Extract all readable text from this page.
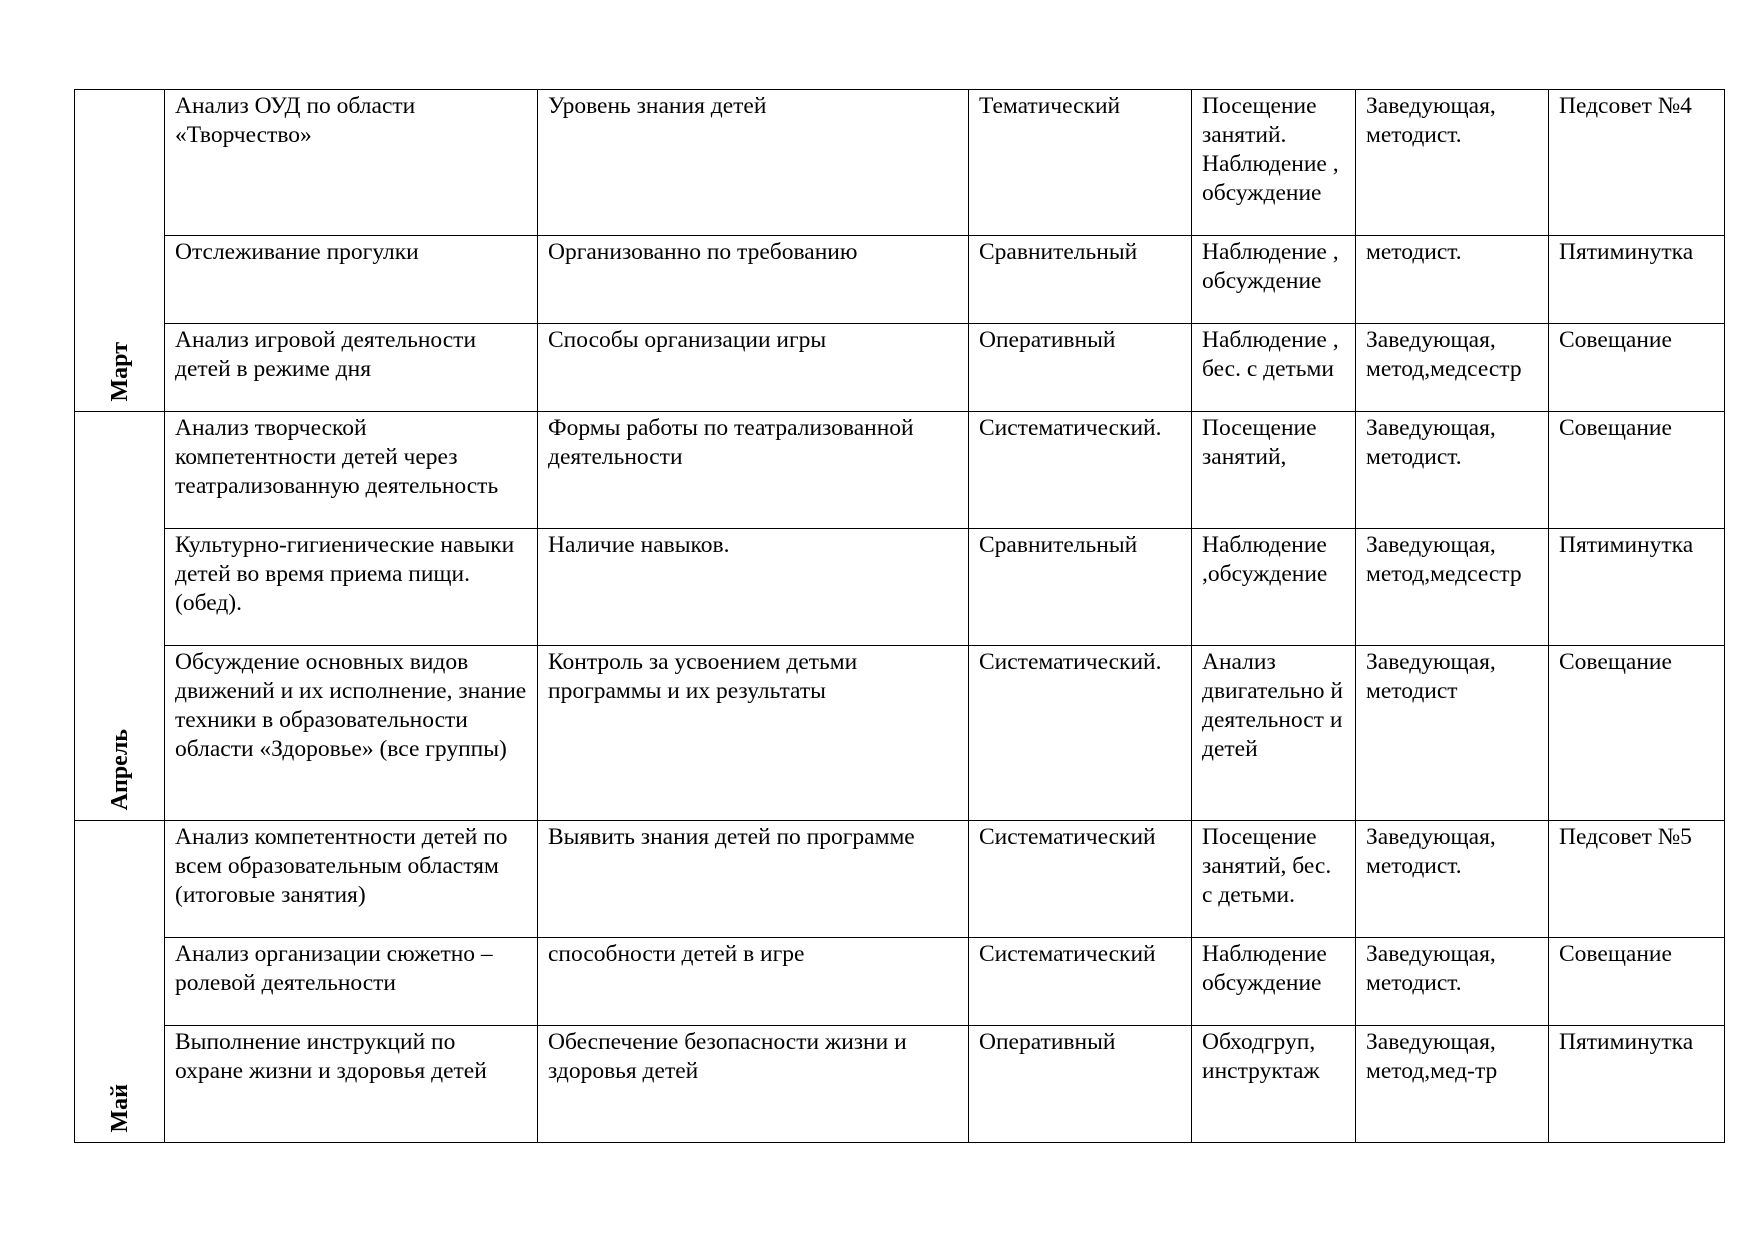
Март	Анализ ОУД по области «Творчество»	Уровень знания детей	Тематический	Посещение занятий. Наблюдение , обсуждение	Заведующая, методист.	Педсовет №4
	Отслеживание прогулки	Организованно по требованию	Сравнительный	Наблюдение , обсуждение	методист.	Пятиминутка
	Анализ игровой деятельности детей в режиме дня	Способы организации игры	Оперативный	Наблюдение , бес. с детьми	Заведующая, метод,медсестр	Совещание
Апрель	Анализ творческой компетентности детей через театрализованную деятельность	Формы работы по театрализованной деятельности	Систематический.	Посещение занятий,	Заведующая, методист.	Совещание
	Культурно-гигиенические навыки детей во время приема пищи. (обед).	Наличие навыков.	Сравнительный	Наблюдение ,обсуждение	Заведующая, метод,медсестр	Пятиминутка
	Обсуждение основных видов движений и их исполнение, знание техники в образовательности области «Здоровье» (все группы)	Контроль за усвоением детьми программы и их результаты	Систематический.	Анализ двигательно й деятельност и детей	Заведующая, методист	Совещание
Май	Анализ компетентности детей по всем образовательным областям (итоговые занятия)	Выявить знания детей по программе	Систематический	Посещение занятий, бес. с детьми.	Заведующая, методист.	Педсовет №5
	Анализ организации сюжетно – ролевой деятельности	способности детей в игре	Систематический	Наблюдение обсуждение	Заведующая, методист.	Совещание
	Выполнение инструкций по охране жизни и здоровья детей	Обеспечение безопасности жизни и здоровья детей	Оперативный	Обходгруп, инструктаж	Заведующая, метод,мед-тр	Пятиминутка
